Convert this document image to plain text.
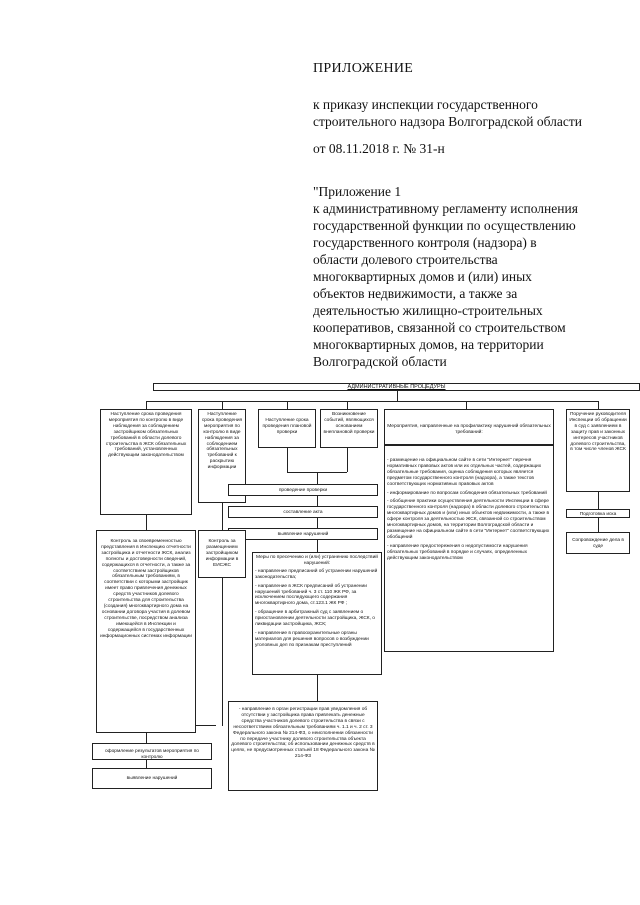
ПРИЛОЖЕНИЕ
к приказу инспекции государственного
строительного надзора Волгоградской области
от 08.11.2018 г. № 31-н
"Приложение 1
к административному регламенту исполнения
государственной функции по осуществлению
государственного контроля (надзора) в
области долевого строительства
многоквартирных домов и (или) иных
объектов недвижимости, а также за
деятельностью жилищно-строительных
кооперативов, связанной со строительством
многоквартирных домов, на территории
Волгоградской области
АДМИНИСТРАТИВНЫЕ ПРОЦЕДУРЫ
Наступление срока проведения мероприятия по контролю в виде наблюдения за соблюдением застройщиком обязательных требований в области долевого строительства в ЖСК обязательных требований, установленных действующим законодательством
Наступление срока проведения мероприятия по контролю в виде наблюдения за соблюдением обязательных требований к раскрытию информации
Наступление срока проведения плановой проверки
Возникновение событий, являющихся основанием внеплановой проверки
Мероприятия, направленные на профилактику нарушений обязательных требований:
Поручение руководителя Инспекции об обращении в суд с заявлением в защиту прав и законных интересов участников долевого строительства, в том числе членов ЖСК
проведение проверки
составление акта
выявление нарушений
Контроль за своевременностью представления в Инспекцию отчетности застройщика и отчетности ЖСК, анализ полноты и достоверности сведений, содержащихся в отчетности, а также за соответствием застройщиков обязательным требованиям, в соответствии с которыми застройщик имеет право привлечения денежных средств участников долевого строительства для строительства (создания) многоквартирного дома на основании договора участия в долевом строительстве, посредством анализа имеющейся в Инспекции и содержащейся в государственных информационных системах информации
Контроль за размещением застройщиком информации в ЕИСЖС
Меры по пресечению и (или) устранению последствий нарушений:

- направление предписаний об устранении нарушений законодательства;

- направление в ЖСК предписаний об устранении нарушений требований ч. 3 ст. 110 ЖК РФ, за исключением последующего содержания многоквартирного дома, ст.123.1 ЖК РФ ;

- обращение в арбитражный суд с заявлением о приостановлении деятельности застройщика, ЖСК, о ликвидации застройщика, ЖСК;

- направление в правоохранительные органы материалов для решения вопросов о возбуждении уголовных дел по признакам преступлений

- направление в орган регистрации прав уведомления об отсутствии у застройщика права привлекать денежные средства участников долевого строительства в связи с несоответствием обязательным требованиям ч. 1.1 и ч. 2 ст. 3 Федерального закона № 214-ФЗ, о неисполнении обязанности по передаче участнику долевого строительства объекта долевого строительства; об использовании денежных средств в целях, не предусмотренных статьей 18 Федерального закона № 214-ФЗ

- размещение на официальном сайте в сети "Интернет" перечня нормативных правовых актов или их отдельных частей, содержащих обязательные требования, оценка соблюдения которых является предметом государственного контроля (надзора), а также текстов соответствующих нормативных правовых актов

- информирование по вопросам соблюдения обязательных требований

- обобщение практики осуществления деятельности Инспекции в сфере государственного контроля (надзора) в области долевого строительства многоквартирных домов и (или) иных объектов недвижимости, а также в сфере контроля за деятельностью ЖСК, связанной со строительством многоквартирных домов, на территории Волгоградской области и размещение на официальном сайте в сети "Интернет" соответствующих обобщений

- направление предостережения о недопустимости нарушения обязательных требований в порядке и случаях, определенных действующим законодательством

Подготовка иска
Сопровождение дела в суде
оформление результатов мероприятия по контролю
выявление нарушений
